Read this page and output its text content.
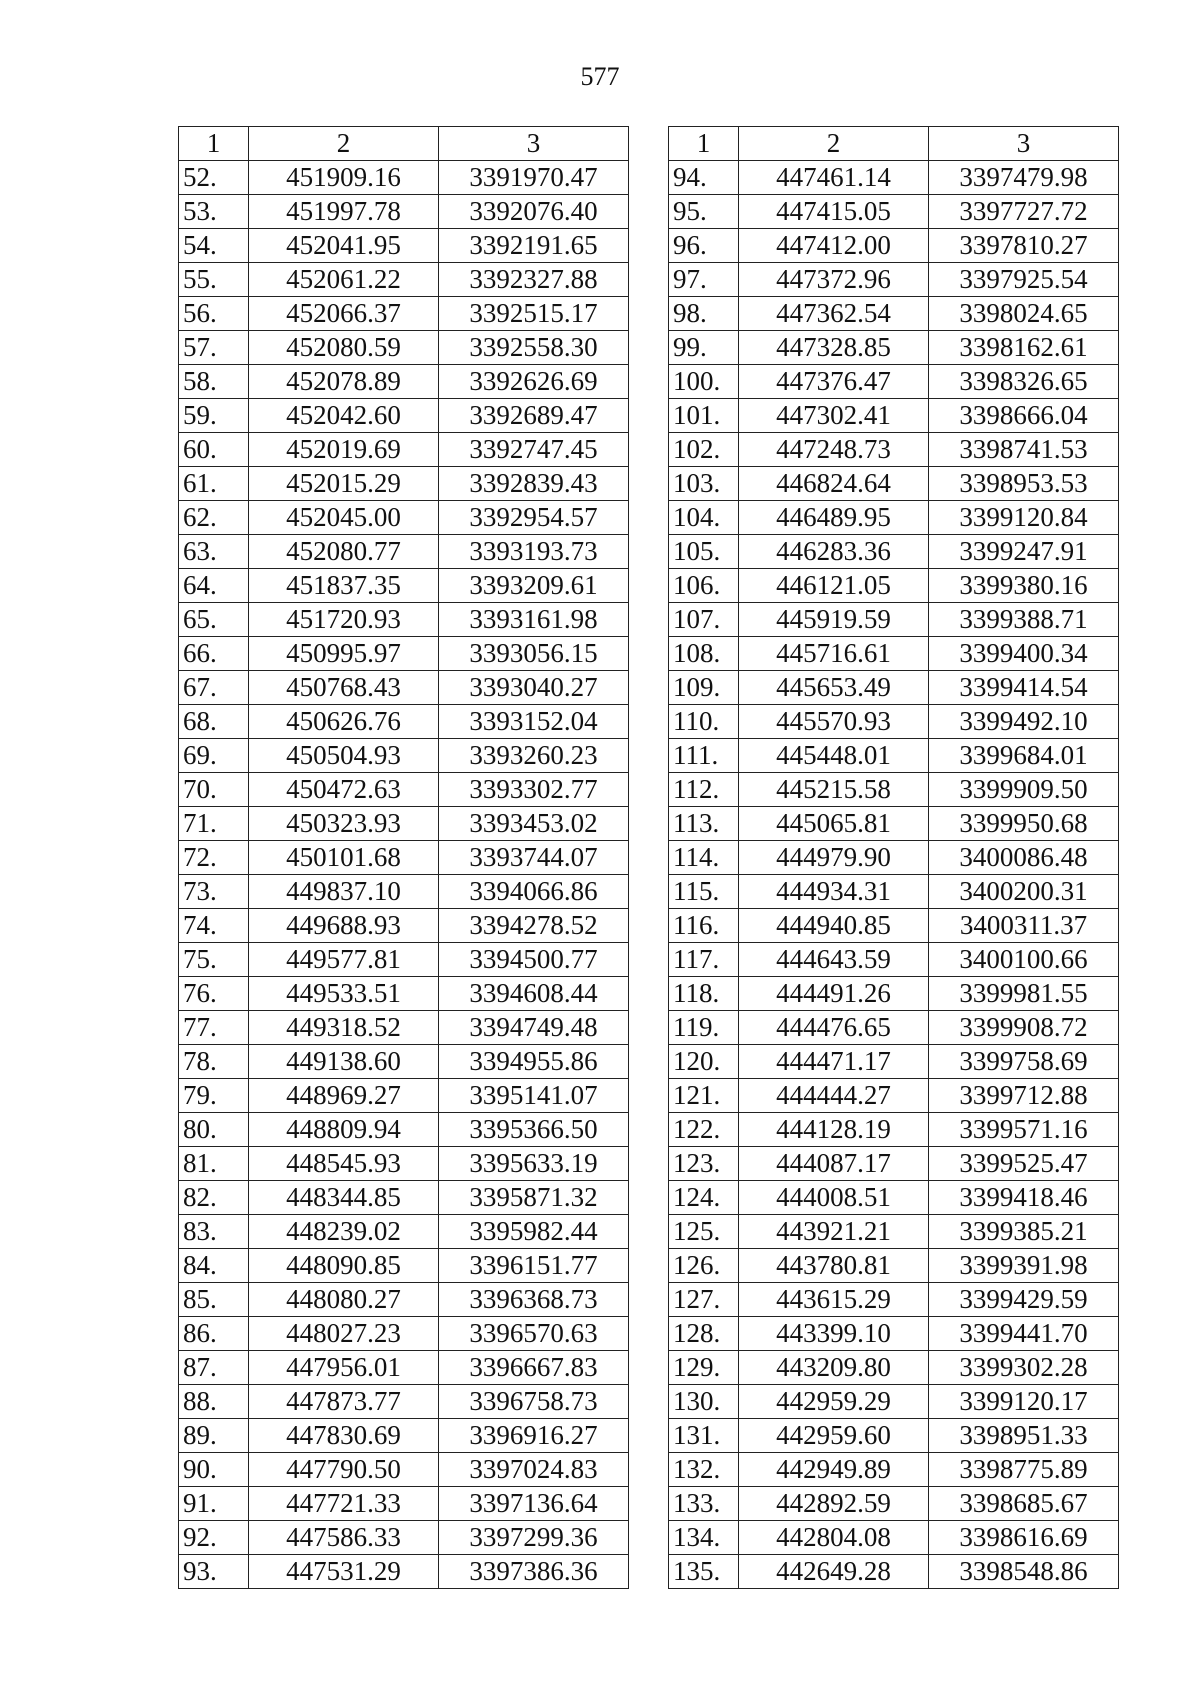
577
1	2	3
52.	451909.16	3391970.47
53.	451997.78	3392076.40
54.	452041.95	3392191.65
55.	452061.22	3392327.88
56.	452066.37	3392515.17
57.	452080.59	3392558.30
58.	452078.89	3392626.69
59.	452042.60	3392689.47
60.	452019.69	3392747.45
61.	452015.29	3392839.43
62.	452045.00	3392954.57
63.	452080.77	3393193.73
64.	451837.35	3393209.61
65.	451720.93	3393161.98
66.	450995.97	3393056.15
67.	450768.43	3393040.27
68.	450626.76	3393152.04
69.	450504.93	3393260.23
70.	450472.63	3393302.77
71.	450323.93	3393453.02
72.	450101.68	3393744.07
73.	449837.10	3394066.86
74.	449688.93	3394278.52
75.	449577.81	3394500.77
76.	449533.51	3394608.44
77.	449318.52	3394749.48
78.	449138.60	3394955.86
79.	448969.27	3395141.07
80.	448809.94	3395366.50
81.	448545.93	3395633.19
82.	448344.85	3395871.32
83.	448239.02	3395982.44
84.	448090.85	3396151.77
85.	448080.27	3396368.73
86.	448027.23	3396570.63
87.	447956.01	3396667.83
88.	447873.77	3396758.73
89.	447830.69	3396916.27
90.	447790.50	3397024.83
91.	447721.33	3397136.64
92.	447586.33	3397299.36
93.	447531.29	3397386.36
1	2	3
94.	447461.14	3397479.98
95.	447415.05	3397727.72
96.	447412.00	3397810.27
97.	447372.96	3397925.54
98.	447362.54	3398024.65
99.	447328.85	3398162.61
100.	447376.47	3398326.65
101.	447302.41	3398666.04
102.	447248.73	3398741.53
103.	446824.64	3398953.53
104.	446489.95	3399120.84
105.	446283.36	3399247.91
106.	446121.05	3399380.16
107.	445919.59	3399388.71
108.	445716.61	3399400.34
109.	445653.49	3399414.54
110.	445570.93	3399492.10
111.	445448.01	3399684.01
112.	445215.58	3399909.50
113.	445065.81	3399950.68
114.	444979.90	3400086.48
115.	444934.31	3400200.31
116.	444940.85	3400311.37
117.	444643.59	3400100.66
118.	444491.26	3399981.55
119.	444476.65	3399908.72
120.	444471.17	3399758.69
121.	444444.27	3399712.88
122.	444128.19	3399571.16
123.	444087.17	3399525.47
124.	444008.51	3399418.46
125.	443921.21	3399385.21
126.	443780.81	3399391.98
127.	443615.29	3399429.59
128.	443399.10	3399441.70
129.	443209.80	3399302.28
130.	442959.29	3399120.17
131.	442959.60	3398951.33
132.	442949.89	3398775.89
133.	442892.59	3398685.67
134.	442804.08	3398616.69
135.	442649.28	3398548.86
